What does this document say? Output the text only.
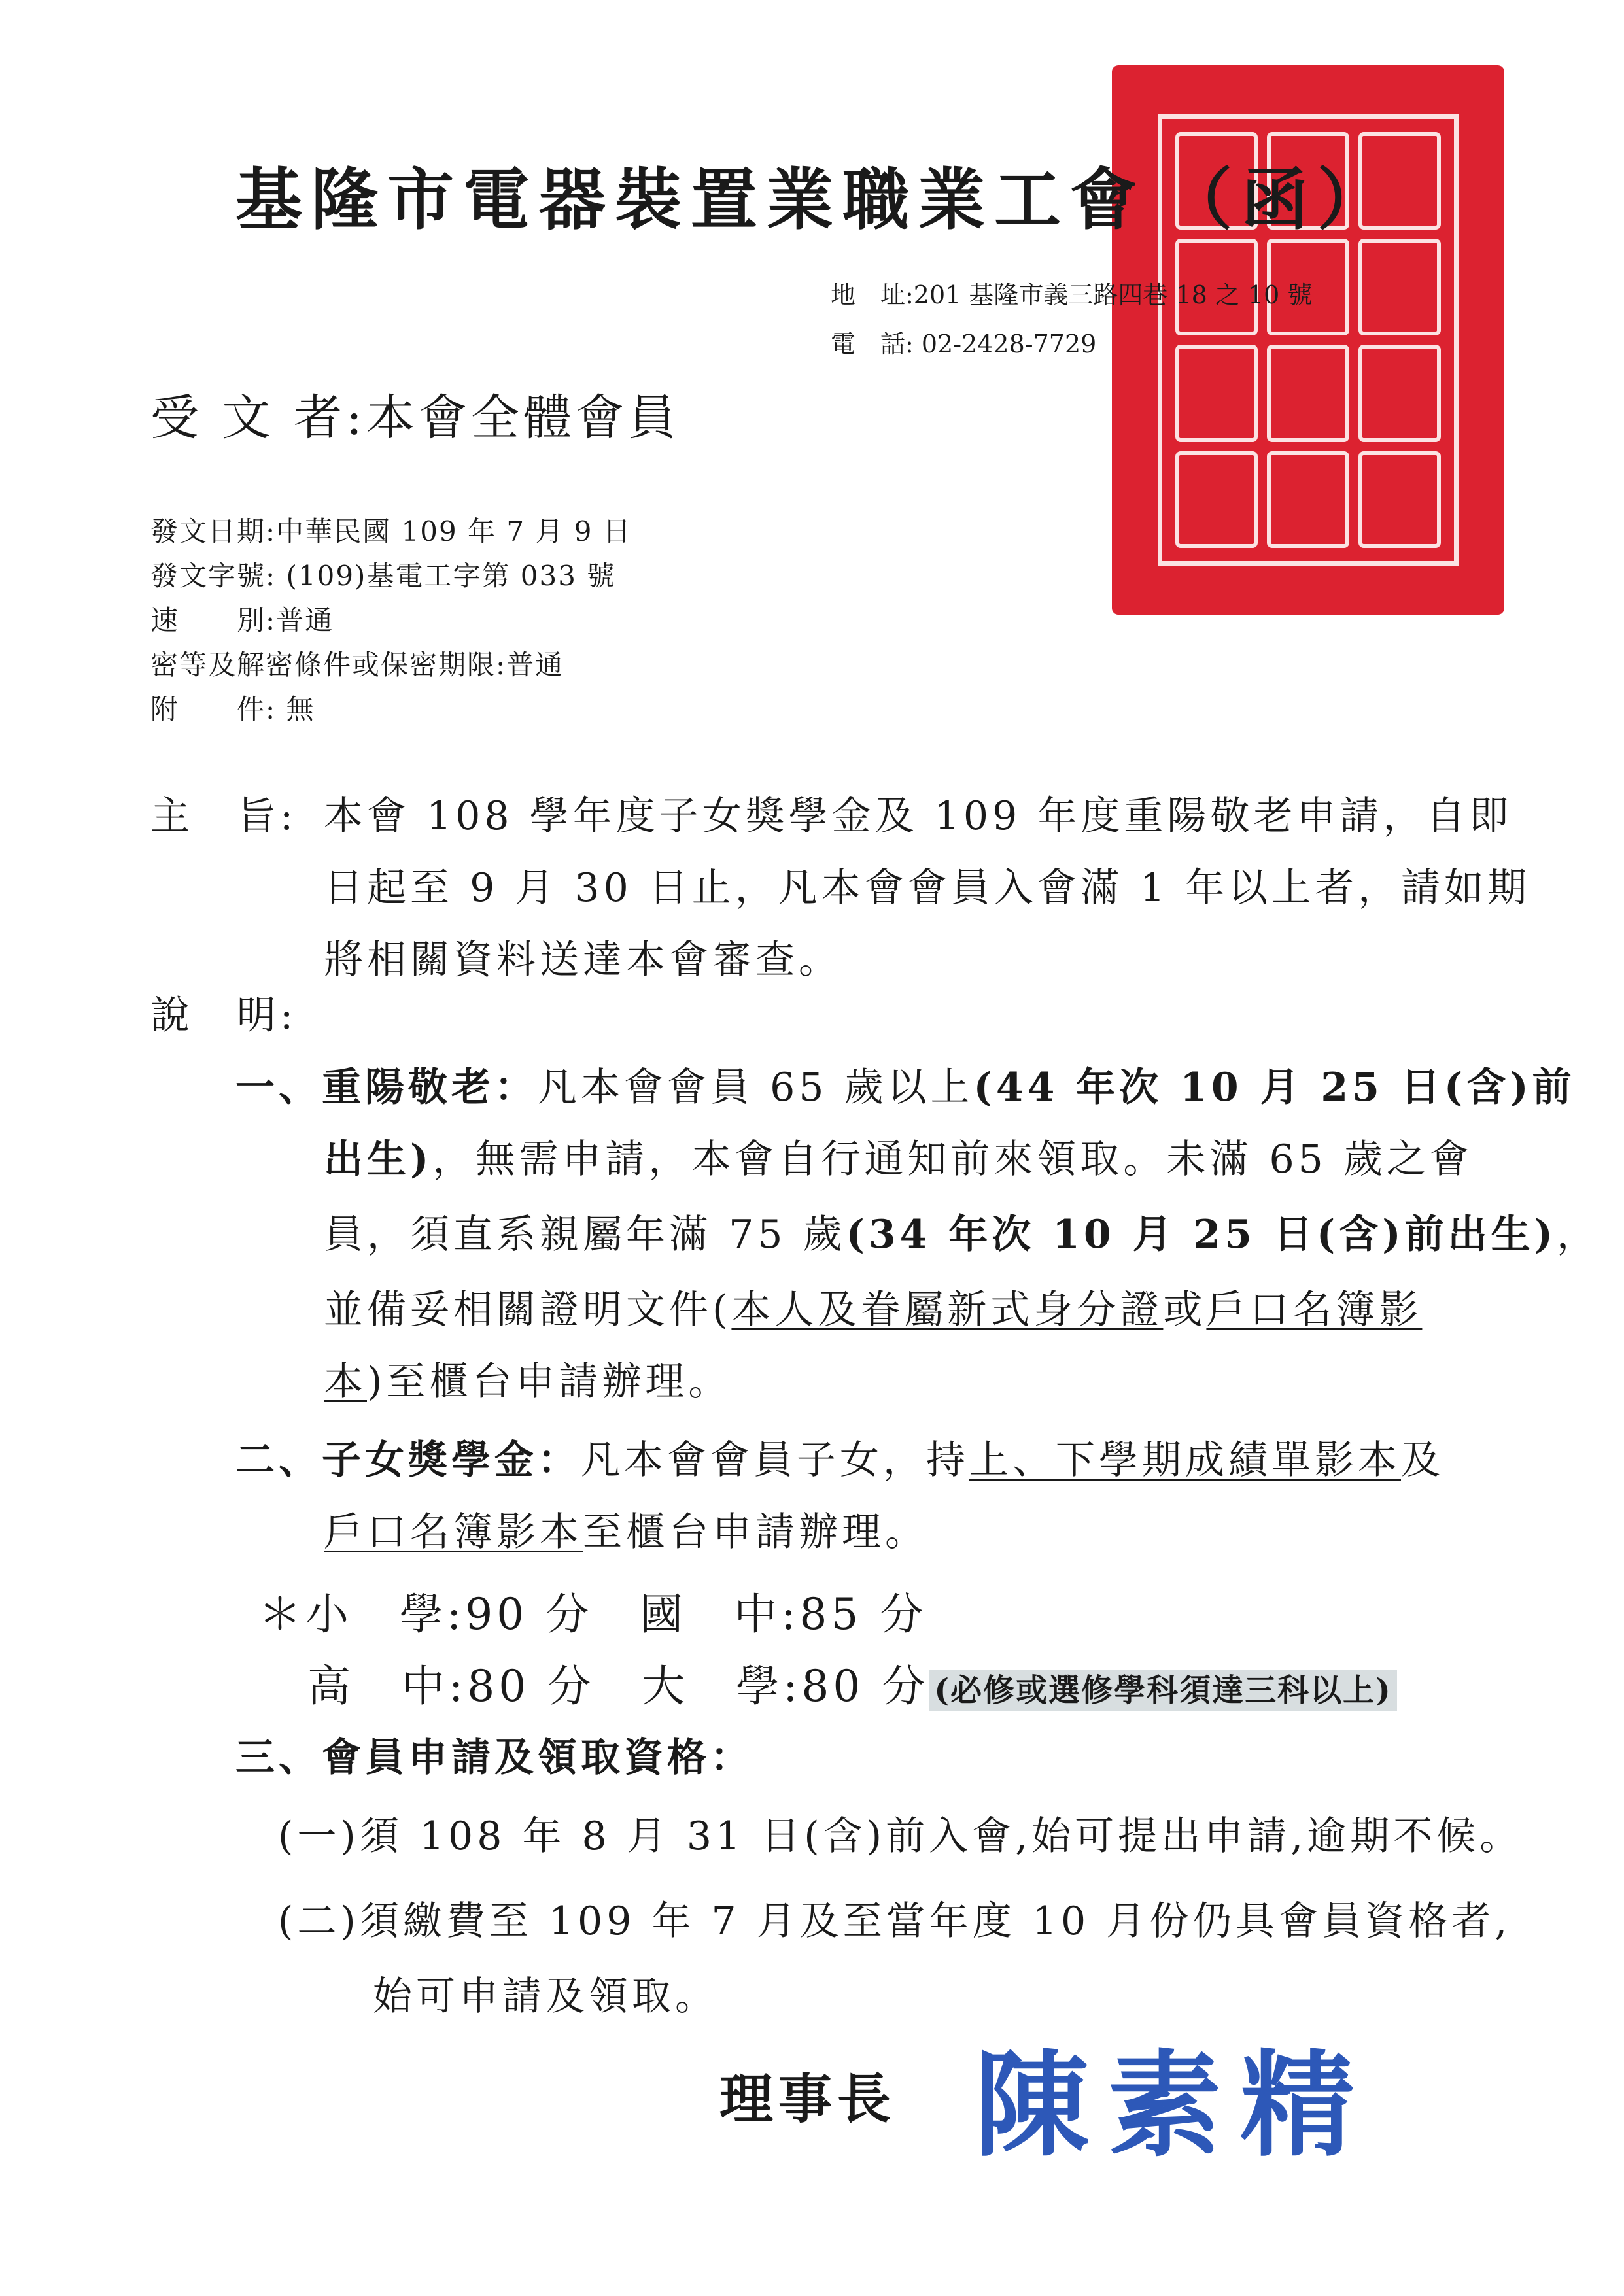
基隆市電器裝置業職業工會 （函）
地　址:201 基隆市義三路四巷 18 之 10 號
電　話: 02-2428-7729
受 文 者:本會全體會員
發文日期:中華民國 109 年 7 月 9 日
發文字號: (109)基電工字第 033 號
速　　別:普通
密等及解密條件或保密期限:普通
附　　件: 無
主　旨: 本會 108 學年度子女獎學金及 109 年度重陽敬老申請，自即
日起至 9 月 30 日止，凡本會會員入會滿 1 年以上者，請如期
將相關資料送達本會審查。
說　明:
一、重陽敬老：凡本會會員 65 歲以上(44 年次 10 月 25 日(含)前
出生)，無需申請，本會自行通知前來領取。未滿 65 歲之會
員，須直系親屬年滿 75 歲(34 年次 10 月 25 日(含)前出生)，
並備妥相關證明文件(本人及眷屬新式身分證或戶口名簿影
本)至櫃台申請辦理。
二、子女獎學金：凡本會會員子女，持上、下學期成績單影本及
戶口名簿影本至櫃台申請辦理。
＊小　學:90 分　國　中:85 分
高　中:80 分　大　學:80 分 (必修或選修學科須達三科以上)
三、會員申請及領取資格：
(一)須 108 年 8 月 31 日(含)前入會,始可提出申請,逾期不候。
(二)須繳費至 109 年 7 月及至當年度 10 月份仍具會員資格者,
始可申請及領取。
理事長 陳素精
